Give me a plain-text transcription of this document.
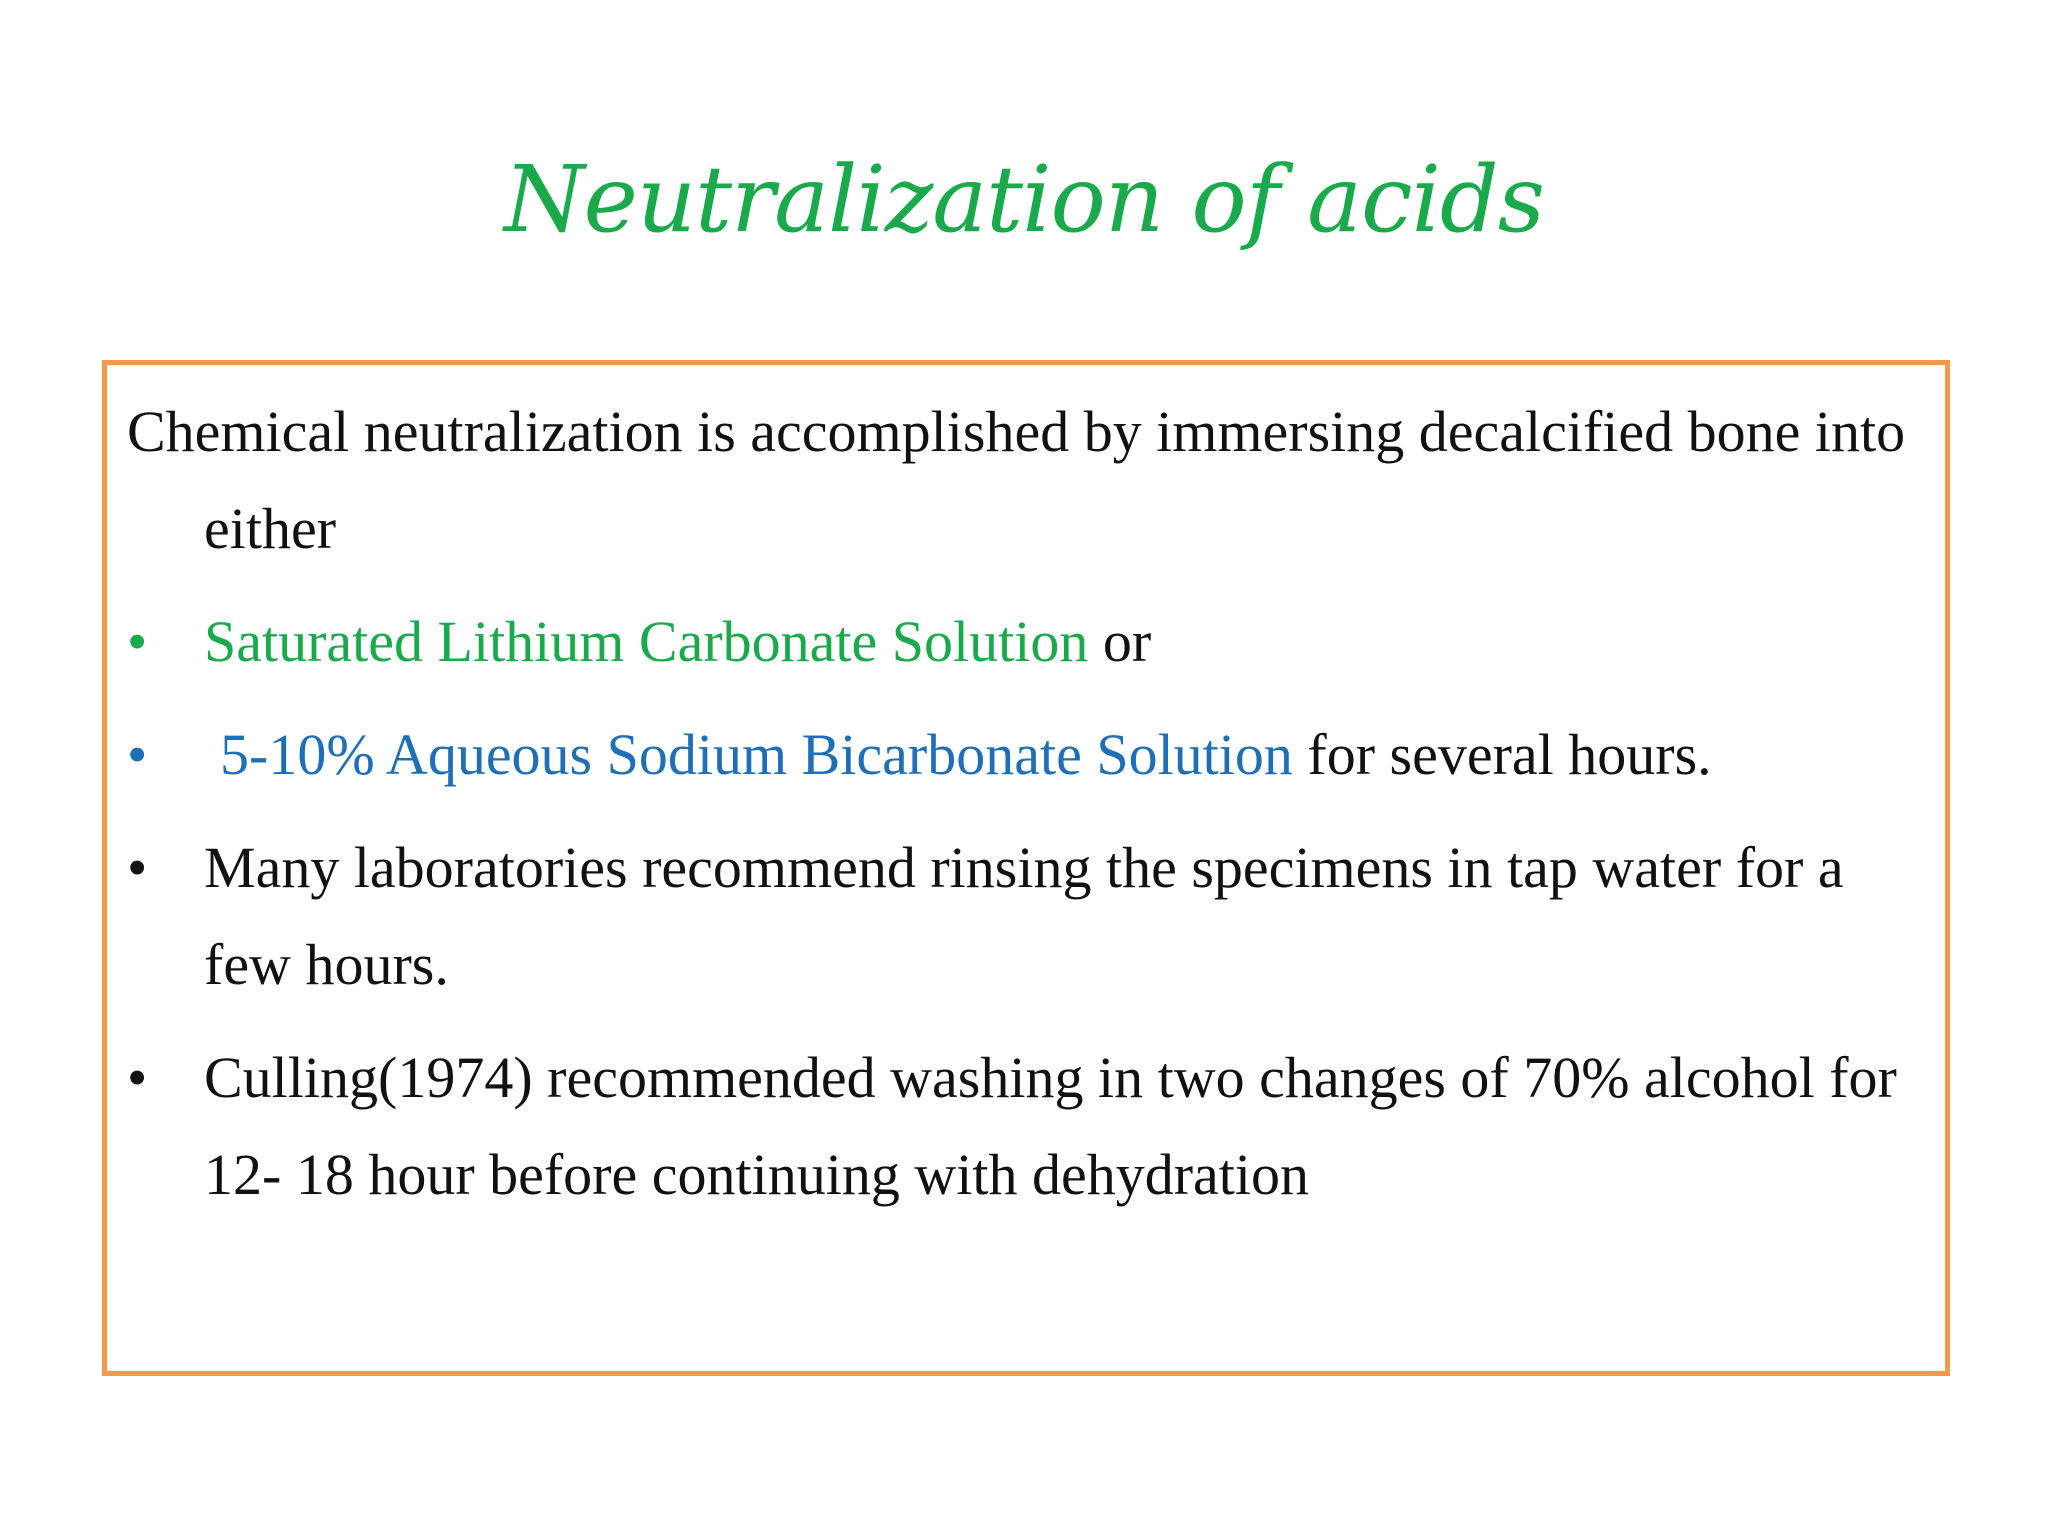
Neutralization of acids

Chemical neutralization is accomplished by immersing decalcified bone into either

• Saturated Lithium Carbonate Solution or
•	5-10% Aqueous Sodium Bicarbonate Solution for several hours.
• Many laboratories recommend rinsing the specimens in tap water for a few hours.
• Culling(1974) recommended washing in two changes of 70% alcohol for 12- 18 hour before continuing with dehydration
